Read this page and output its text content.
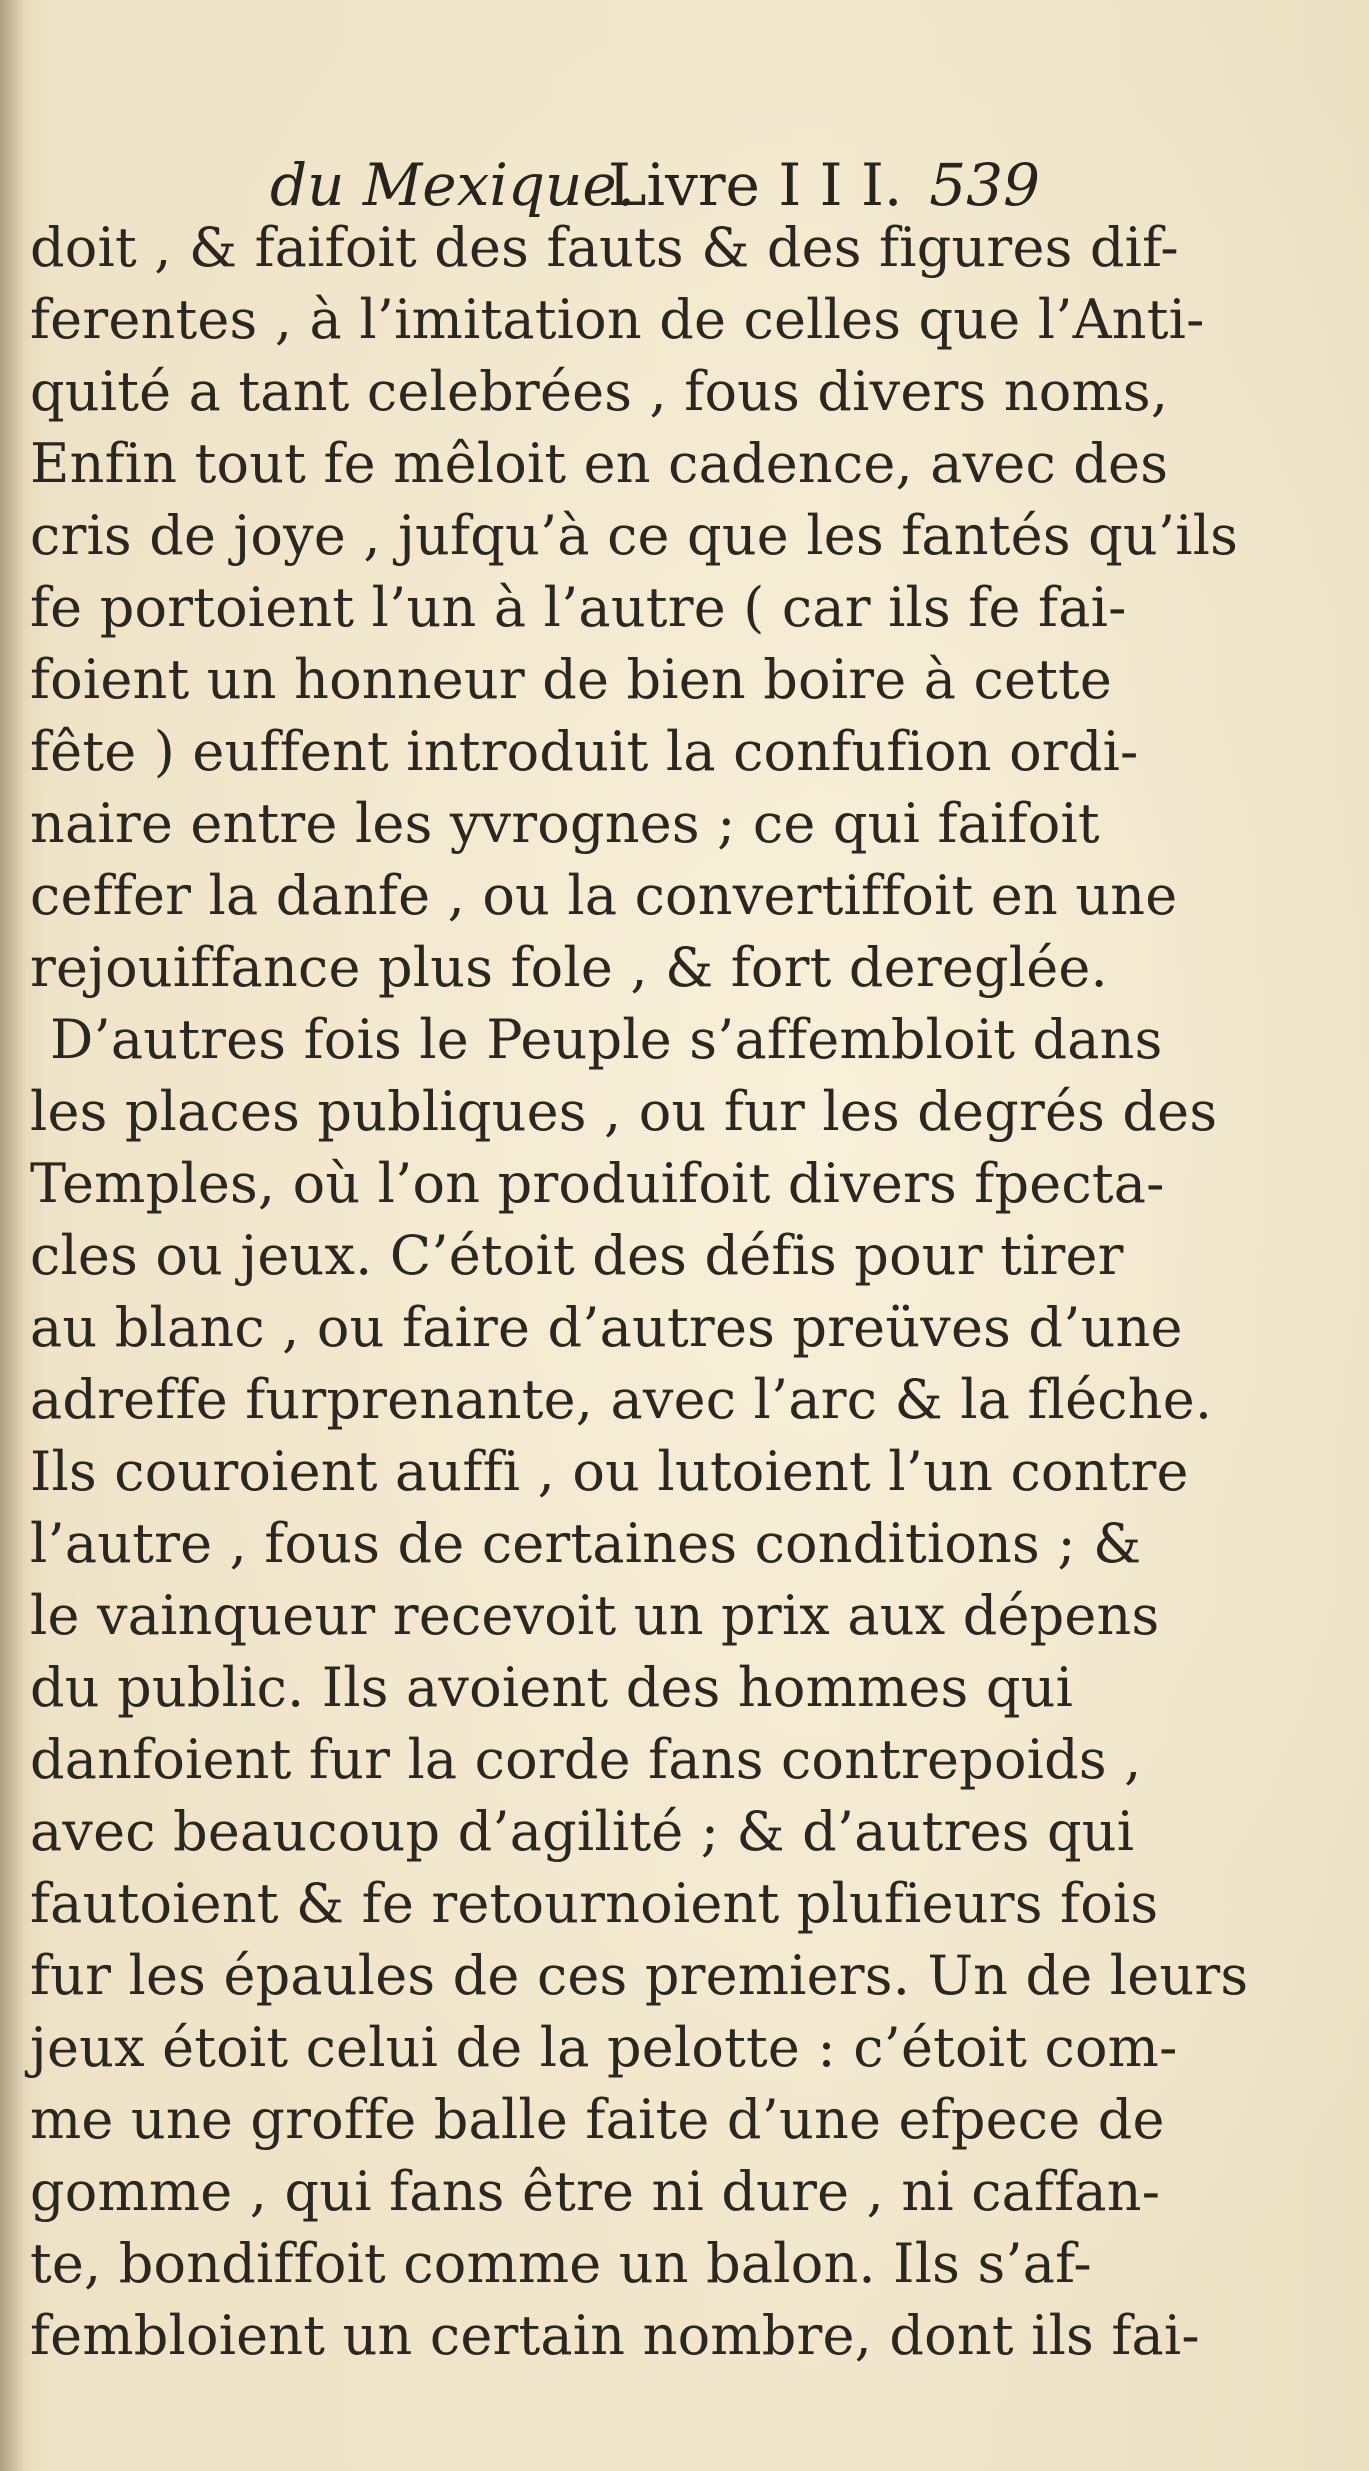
du Mexique.
Livre I I I. 539
doit , & faifoit des fauts & des figures dif-
ferentes , à l’imitation de celles que l’Anti-
quité a tant celebrées , fous divers noms,
Enfin tout fe mêloit en cadence, avec des
cris de joye , jufqu’à ce que les fantés qu’ils
fe portoient l’un à l’autre ( car ils fe fai-
foient un honneur de bien boire à cette
fête ) euffent introduit la confufion ordi-
naire entre les yvrognes ; ce qui faifoit
ceffer la danfe , ou la convertiffoit en une
rejouiffance plus fole , & fort dereglée.
D’autres fois le Peuple s’affembloit dans
les places publiques , ou fur les degrés des
Temples, où l’on produifoit divers fpecta-
cles ou jeux. C’étoit des défis pour tirer
au blanc , ou faire d’autres preüves d’une
adreffe furprenante, avec l’arc & la fléche.
Ils couroient auffi , ou lutoient l’un contre
l’autre , fous de certaines conditions ; &
le vainqueur recevoit un prix aux dépens
du public. Ils avoient des hommes qui
danfoient fur la corde fans contrepoids ,
avec beaucoup d’agilité ; & d’autres qui
fautoient & fe retournoient plufieurs fois
fur les épaules de ces premiers. Un de leurs
jeux étoit celui de la pelotte : c’étoit com-
me une groffe balle faite d’une efpece de
gomme , qui fans être ni dure , ni caffan-
te, bondiffoit comme un balon. Ils s’af-
fembloient un certain nombre, dont ils fai-
